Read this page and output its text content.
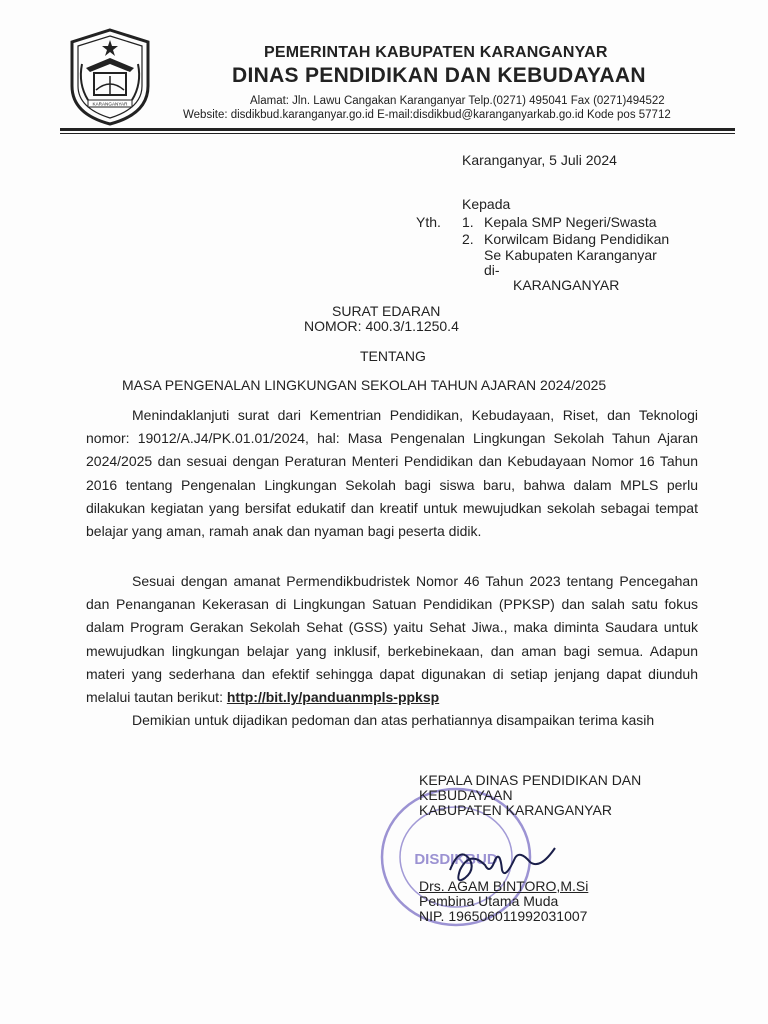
KARANGANYAR
PEMERINTAH KABUPATEN KARANGANYAR
DINAS PENDIDIKAN DAN KEBUDAYAAN
Alamat: Jln. Lawu Cangakan Karanganyar Telp.(0271) 495041 Fax (0271)494522
Website: disdikbud.karanganyar.go.id E-mail:disdikbud@karanganyarkab.go.id Kode pos 57712
Karanganyar, 5 Juli 2024
Kepada
Yth. 1. Kepala SMP Negeri/Swasta
2. Korwilcam Bidang Pendidikan
Se Kabupaten Karanganyar
di-
KARANGANYAR
SURAT EDARAN
NOMOR: 400.3/1.1250.4
TENTANG
MASA PENGENALAN LINGKUNGAN SEKOLAH TAHUN AJARAN 2024/2025
Menindaklanjuti surat dari Kementrian Pendidikan, Kebudayaan, Riset, dan Teknologi nomor: 19012/A.J4/PK.01.01/2024, hal: Masa Pengenalan Lingkungan Sekolah Tahun Ajaran 2024/2025 dan sesuai dengan Peraturan Menteri Pendidikan dan Kebudayaan Nomor 16 Tahun 2016 tentang Pengenalan Lingkungan Sekolah bagi siswa baru, bahwa dalam MPLS perlu dilakukan kegiatan yang bersifat edukatif dan kreatif untuk mewujudkan sekolah sebagai tempat belajar yang aman, ramah anak dan nyaman bagi peserta didik.
Sesuai dengan amanat Permendikbudristek Nomor 46 Tahun 2023 tentang Pencegahan dan Penanganan Kekerasan di Lingkungan Satuan Pendidikan (PPKSP) dan salah satu fokus dalam Program Gerakan Sekolah Sehat (GSS) yaitu Sehat Jiwa., maka diminta Saudara untuk mewujudkan lingkungan belajar yang inklusif, berkebinekaan, dan aman bagi semua. Adapun materi yang sederhana dan efektif sehingga dapat digunakan di setiap jenjang dapat diunduh melalui tautan berikut: http://bit.ly/panduanmpls-ppksp
Demikian untuk dijadikan pedoman dan atas perhatiannya disampaikan terima kasih
DISDIKBUD
KEPALA DINAS PENDIDIKAN DAN
KEBUDAYAAN
KABUPATEN KARANGANYAR
Drs. AGAM BINTORO,M.Si
Pembina Utama Muda
NIP. 196506011992031007
